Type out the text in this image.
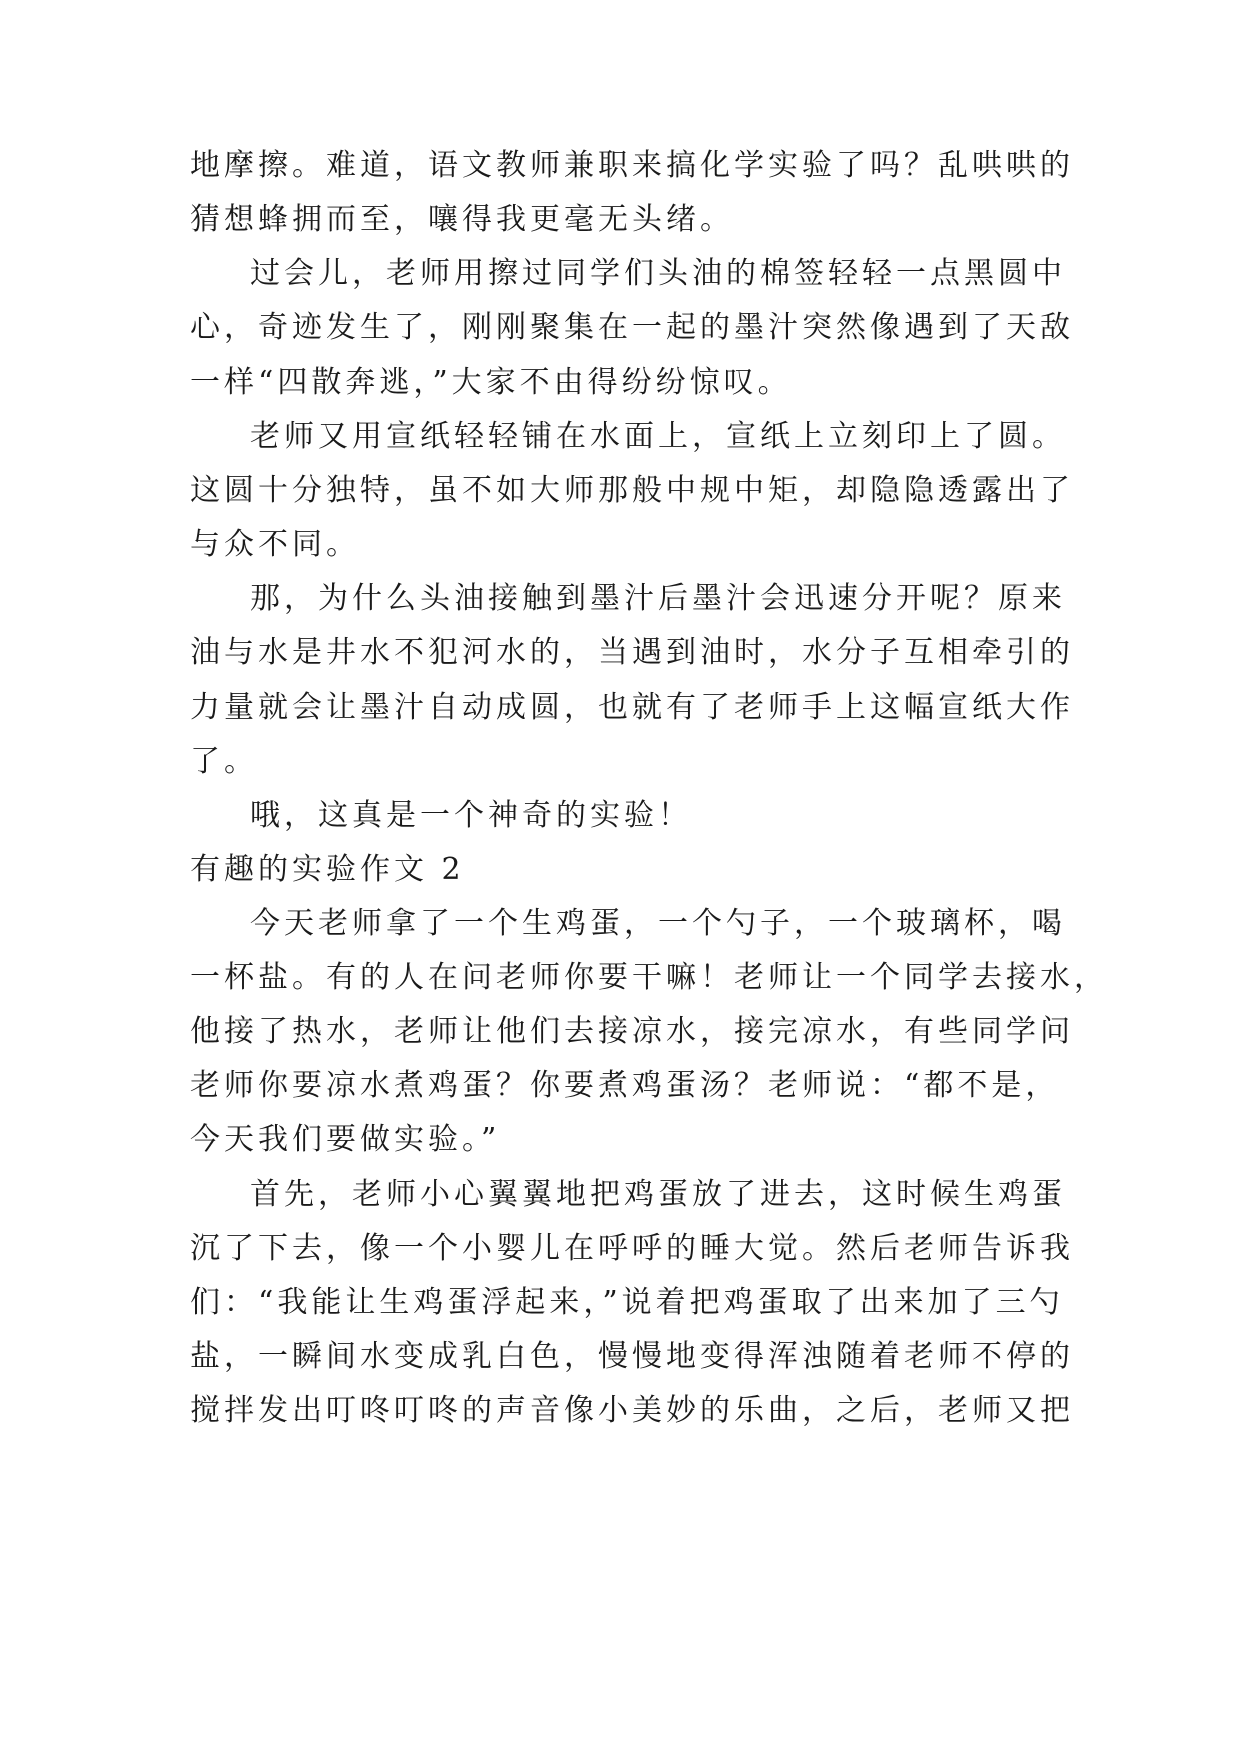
地摩擦。难道，语文教师兼职来搞化学实验了吗？乱哄哄的
猜想蜂拥而至，嚷得我更毫无头绪。
过会儿，老师用擦过同学们头油的棉签轻轻一点黑圆中
心，奇迹发生了，刚刚聚集在一起的墨汁突然像遇到了天敌
一样“四散奔逃，”大家不由得纷纷惊叹。
老师又用宣纸轻轻铺在水面上，宣纸上立刻印上了圆。
这圆十分独特，虽不如大师那般中规中矩，却隐隐透露出了
与众不同。
那，为什么头油接触到墨汁后墨汁会迅速分开呢？原来
油与水是井水不犯河水的，当遇到油时，水分子互相牵引的
力量就会让墨汁自动成圆，也就有了老师手上这幅宣纸大作
了。
哦，这真是一个神奇的实验！
有趣的实验作文 2
今天老师拿了一个生鸡蛋，一个勺子，一个玻璃杯，喝
一杯盐。有的人在问老师你要干嘛！老师让一个同学去接水，
他接了热水，老师让他们去接凉水，接完凉水，有些同学问
老师你要凉水煮鸡蛋？你要煮鸡蛋汤？老师说：“都不是，
今天我们要做实验。”
首先，老师小心翼翼地把鸡蛋放了进去，这时候生鸡蛋
沉了下去，像一个小婴儿在呼呼的睡大觉。然后老师告诉我
们：“我能让生鸡蛋浮起来，”说着把鸡蛋取了出来加了三勺
盐，一瞬间水变成乳白色，慢慢地变得浑浊随着老师不停的
搅拌发出叮咚叮咚的声音像小美妙的乐曲，之后，老师又把
